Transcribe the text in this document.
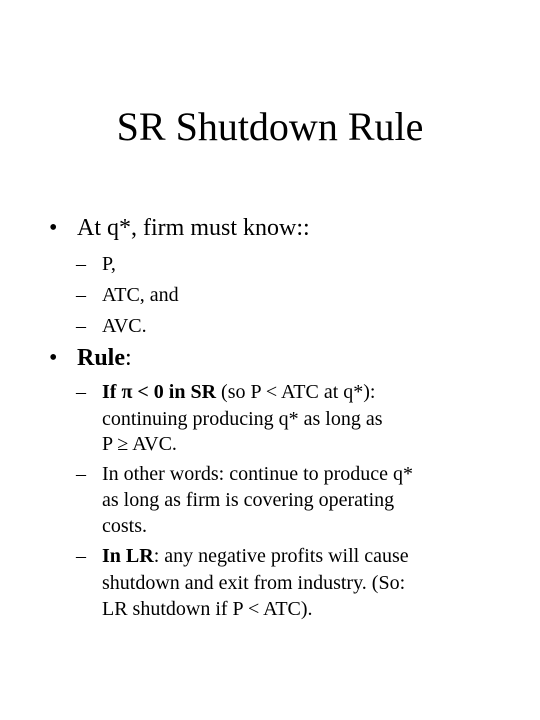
SR Shutdown Rule
• At q*, firm must know::
– P,
– ATC, and
– AVC.
• Rule:
– If π < 0 in SR (so P < ATC at q*):
continuing producing q* as long as
P ≥ AVC.
– In other words: continue to produce q*
as long as firm is covering operating
costs.
– In LR: any negative profits will cause
shutdown and exit from industry. (So:
LR shutdown if P < ATC).
